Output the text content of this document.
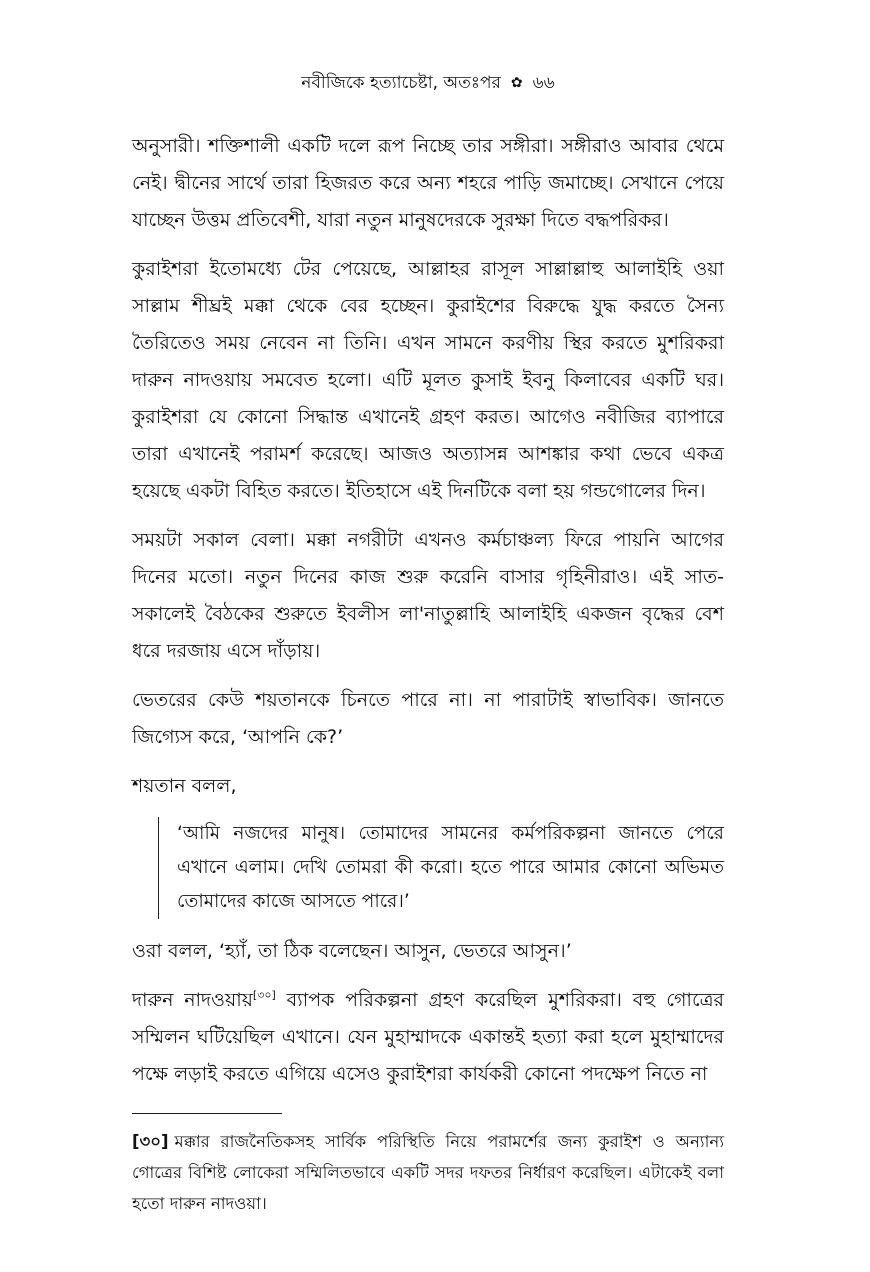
নবীজিকে হত্যাচেষ্টা, অতঃপর ✿ ৬৬

অনুসারী। শক্তিশালী একটি দলে রূপ নিচ্ছে তার সঙ্গীরা। সঙ্গীরাও আবার থেমে নেই। দ্বীনের সার্থে তারা হিজরত করে অন্য শহরে পাড়ি জমাচ্ছে। সেখানে পেয়ে যাচ্ছেন উত্তম প্রতিবেশী, যারা নতুন মানুষদেরকে সুরক্ষা দিতে বদ্ধপরিকর।

কুরাইশরা ইতোমধ্যে টের পেয়েছে, আল্লাহর রাসূল সাল্লাল্লাহু আলাইহি ওয়া সাল্লাম শীঘ্রই মক্কা থেকে বের হচ্ছেন। কুরাইশের বিরুদ্ধে যুদ্ধ করতে সৈন্য তৈরিতেও সময় নেবেন না তিনি। এখন সামনে করণীয় স্থির করতে মুশরিকরা দারুন নাদওয়ায় সমবেত হলো। এটি মূলত কুসাই ইবনু কিলাবের একটি ঘর। কুরাইশরা যে কোনো সিদ্ধান্ত এখানেই গ্রহণ করত। আগেও নবীজির ব্যাপারে তারা এখানেই পরামর্শ করেছে। আজও অত্যাসন্ন আশঙ্কার কথা ভেবে একত্র হয়েছে একটা বিহিত করতে। ইতিহাসে এই দিনটিকে বলা হয় গন্ডগোলের দিন।

সময়টা সকাল বেলা। মক্কা নগরীটা এখনও কর্মচাঞ্চল্য ফিরে পায়নি আগের দিনের মতো। নতুন দিনের কাজ শুরু করেনি বাসার গৃহিনীরাও। এই সাত-সকালেই বৈঠকের শুরুতে ইবলীস লা'নাতুল্লাহি আলাইহি একজন বৃদ্ধের বেশ ধরে দরজায় এসে দাঁড়ায়।

ভেতরের কেউ শয়তানকে চিনতে পারে না। না পারাটাই স্বাভাবিক। জানতে জিগ্যেস করে, ‘আপনি কে?’

শয়তান বলল,

‘আমি নজদের মানুষ। তোমাদের সামনের কর্মপরিকল্পনা জানতে পেরে এখানে এলাম। দেখি তোমরা কী করো। হতে পারে আমার কোনো অভিমত তোমাদের কাজে আসতে পারে।’

ওরা বলল, ‘হ্যাঁ, তা ঠিক বলেছেন। আসুন, ভেতরে আসুন।’

দারুন নাদওয়ায়[৩০] ব্যাপক পরিকল্পনা গ্রহণ করেছিল মুশরিকরা। বহু গোত্রের সম্মিলন ঘটিয়েছিল এখানে। যেন মুহাম্মাদকে একান্তই হত্যা করা হলে মুহাম্মাদের পক্ষে লড়াই করতে এগিয়ে এসেও কুরাইশরা কার্যকরী কোনো পদক্ষেপ নিতে না

[৩০] মক্কার রাজনৈতিকসহ সার্বিক পরিস্থিতি নিয়ে পরামর্শের জন্য কুরাইশ ও অন্যান্য গোত্রের বিশিষ্ট লোকেরা সম্মিলিতভাবে একটি সদর দফতর নির্ধারণ করেছিল। এটাকেই বলা হতো দারুন নাদওয়া।
